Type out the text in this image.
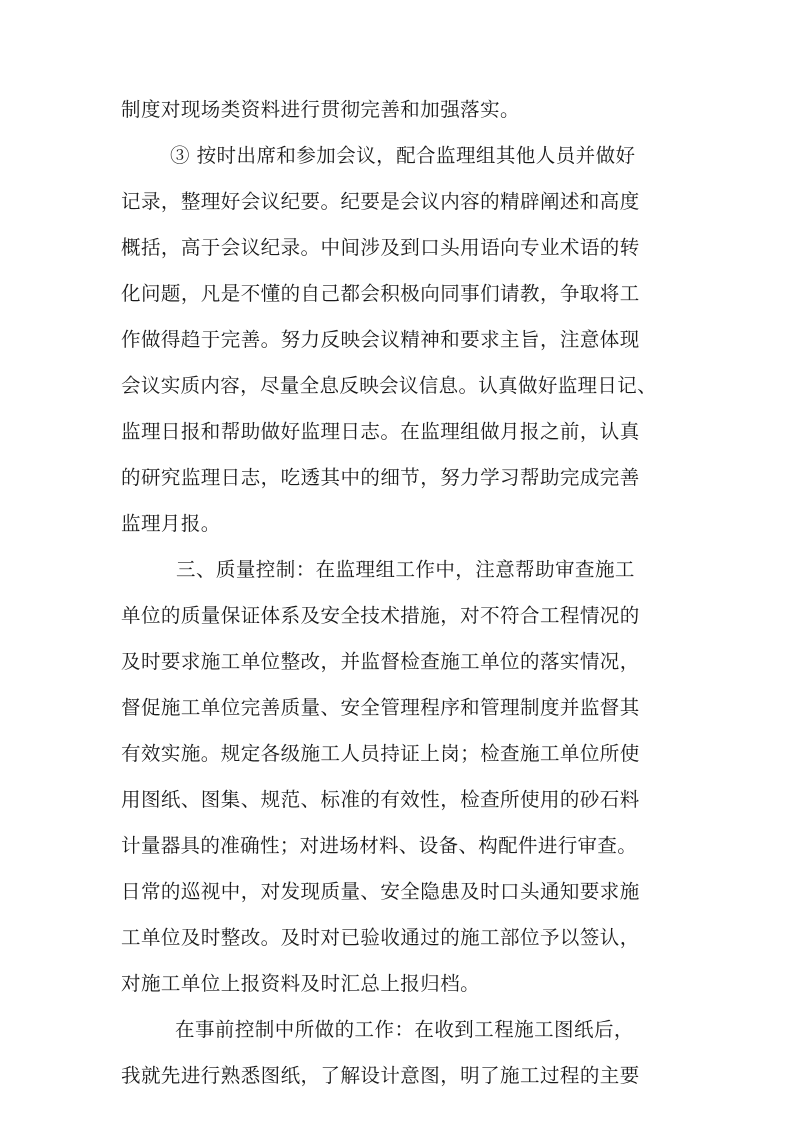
制度对现场类资料进行贯彻完善和加强落实。
③ 按时出席和参加会议，配合监理组其他人员并做好
记录，整理好会议纪要。纪要是会议内容的精辟阐述和高度
概括，高于会议纪录。中间涉及到口头用语向专业术语的转
化问题，凡是不懂的自己都会积极向同事们请教，争取将工
作做得趋于完善。努力反映会议精神和要求主旨，注意体现
会议实质内容，尽量全息反映会议信息。认真做好监理日记、
监理日报和帮助做好监理日志。在监理组做月报之前，认真
的研究监理日志，吃透其中的细节，努力学习帮助完成完善
监理月报。
三、质量控制：在监理组工作中，注意帮助审查施工
单位的质量保证体系及安全技术措施，对不符合工程情况的
及时要求施工单位整改，并监督检查施工单位的落实情况，
督促施工单位完善质量、安全管理程序和管理制度并监督其
有效实施。规定各级施工人员持证上岗；检查施工单位所使
用图纸、图集、规范、标准的有效性，检查所使用的砂石料
计量器具的准确性；对进场材料、设备、构配件进行审查。
日常的巡视中，对发现质量、安全隐患及时口头通知要求施
工单位及时整改。及时对已验收通过的施工部位予以签认，
对施工单位上报资料及时汇总上报归档。
在事前控制中所做的工作：在收到工程施工图纸后，
我就先进行熟悉图纸，了解设计意图，明了施工过程的主要
